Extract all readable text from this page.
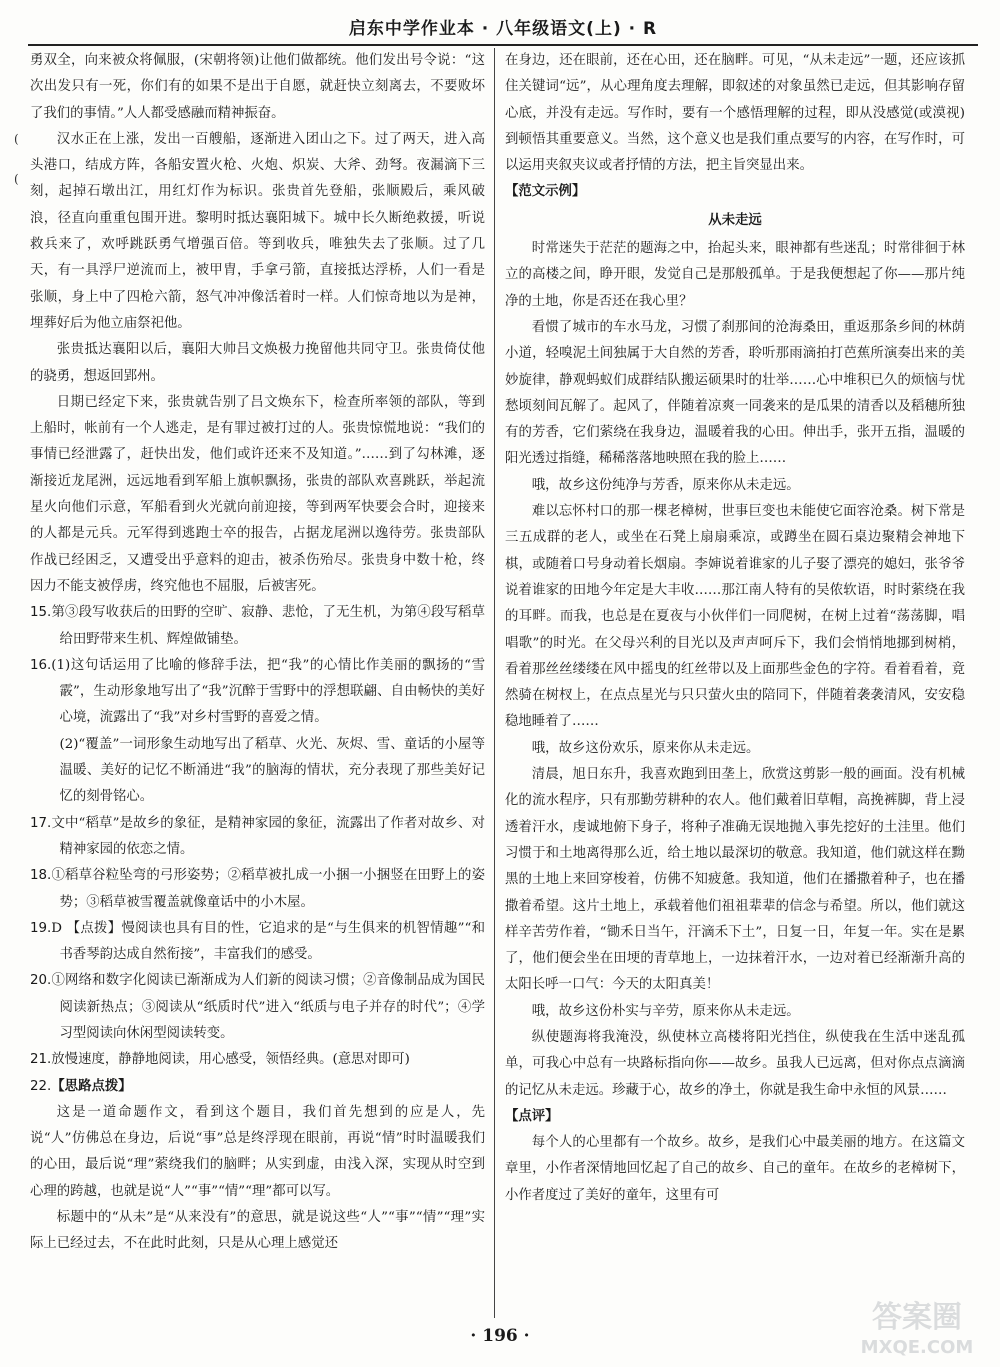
启东中学作业本 · 八年级语文(上) · R
(
(

勇双全，向来被众将佩服，(宋朝将领)让他们做都统。他们发出号令说：“这次出发只有一死，你们有的如果不是出于自愿，就赶快立刻离去，不要败坏了我们的事情。”人人都受感融而精神振奋。

汉水正在上涨，发出一百艘船，逐渐进入团山之下。过了两天，进入高头港口，结成方阵，各船安置火枪、火炮、炽炭、大斧、劲弩。夜漏滴下三刻，起掉石墩出江，用红灯作为标识。张贵首先登船，张顺殿后，乘风破浪，径直向重重包围开进。黎明时抵达襄阳城下。城中长久断绝救援，听说救兵来了，欢呼跳跃勇气增强百倍。等到收兵，唯独失去了张顺。过了几天，有一具浮尸逆流而上，被甲胄，手拿弓箭，直接抵达浮桥，人们一看是张顺，身上中了四枪六箭，怒气冲冲像活着时一样。人们惊奇地以为是神，埋葬好后为他立庙祭祀他。

张贵抵达襄阳以后，襄阳大帅吕文焕极力挽留他共同守卫。张贵倚仗他的骁勇，想返回郢州。

日期已经定下来，张贵就告别了吕文焕东下，检查所率领的部队，等到上船时，帐前有一个人逃走，是有罪过被打过的人。张贵惊慌地说：“我们的事情已经泄露了，赶快出发，他们或许还来不及知道。”……到了勾林滩，逐渐接近龙尾洲，远远地看到军船上旗帜飘扬，张贵的部队欢喜跳跃，举起流星火向他们示意，军船看到火光就向前迎接，等到两军快要会合时，迎接来的人都是元兵。元军得到逃跑士卒的报告，占据龙尾洲以逸待劳。张贵部队作战已经困乏，又遭受出乎意料的迎击，被杀伤殆尽。张贵身中数十枪，终因力不能支被俘虏，终究他也不屈服，后被害死。

15.第③段写收获后的田野的空旷、寂静、悲怆，了无生机，为第④段写稻草给田野带来生机、辉煌做铺垫。

16.(1)这句话运用了比喻的修辞手法，把“我”的心情比作美丽的飘扬的“雪霰”，生动形象地写出了“我”沉醉于雪野中的浮想联翩、自由畅快的美好心境，流露出了“我”对乡村雪野的喜爱之情。

(2)“覆盖”一词形象生动地写出了稻草、火光、灰烬、雪、童话的小屋等温暖、美好的记忆不断涌进“我”的脑海的情状，充分表现了那些美好记忆的刻骨铭心。

17.文中“稻草”是故乡的象征，是精神家园的象征，流露出了作者对故乡、对精神家园的依恋之情。

18.①稻草谷粒坠弯的弓形姿势；②稻草被扎成一小捆一小捆竖在田野上的姿势；③稻草被雪覆盖就像童话中的小木屋。

19.D 【点拨】慢阅读也具有目的性，它追求的是“与生俱来的机智情趣”“和书香琴韵达成自然衔接”，丰富我们的感受。

20.①网络和数字化阅读已渐渐成为人们新的阅读习惯；②音像制品成为国民阅读新热点；③阅读从“纸质时代”进入“纸质与电子并存的时代”；④学习型阅读向休闲型阅读转变。

21.放慢速度，静静地阅读，用心感受，领悟经典。(意思对即可)

22.【思路点拨】

这是一道命题作文，看到这个题目，我们首先想到的应是人，先说“人”仿佛总在身边，后说“事”总是终浮现在眼前，再说“情”时时温暖我们的心田，最后说“理”萦绕我们的脑畔；从实到虚，由浅入深，实现从时空到心理的跨越，也就是说“人”“事”“情”“理”都可以写。

标题中的“从未”是“从来没有”的意思，就是说这些“人”“事”“情”“理”实际上已经过去，不在此时此刻，只是从心理上感觉还

在身边，还在眼前，还在心田，还在脑畔。可见，“从未走远”一题，还应该抓住关键词“远”，从心理角度去理解，即叙述的对象虽然已走远，但其影响存留心底，并没有走远。写作时，要有一个感悟理解的过程，即从没感觉(或漠视)到顿悟其重要意义。当然，这个意义也是我们重点要写的内容，在写作时，可以运用夹叙夹议或者抒情的方法，把主旨突显出来。

【范文示例】

从未走远

时常迷失于茫茫的题海之中，抬起头来，眼神都有些迷乱；时常徘徊于林立的高楼之间，睁开眼，发觉自己是那般孤单。于是我便想起了你——那片纯净的土地，你是否还在我心里？

看惯了城市的车水马龙，习惯了刹那间的沧海桑田，重返那条乡间的林荫小道，轻嗅泥土间独属于大自然的芳香，聆听那雨滴拍打芭蕉所演奏出来的美妙旋律，静观蚂蚁们成群结队搬运硕果时的壮举……心中堆积已久的烦恼与忧愁顷刻间瓦解了。起风了，伴随着凉爽一同袭来的是瓜果的清香以及稻穗所独有的芳香，它们萦绕在我身边，温暖着我的心田。伸出手，张开五指，温暖的阳光透过指缝，稀稀落落地映照在我的脸上……

哦，故乡这份纯净与芳香，原来你从未走远。

难以忘怀村口的那一棵老樟树，世事巨变也未能使它面容沧桑。树下常是三五成群的老人，或坐在石凳上扇扇乘凉，或蹲坐在圆石桌边聚精会神地下棋，或随着口号身动着长烟扇。李婶说着谁家的儿子娶了漂亮的媳妇，张爷爷说着谁家的田地今年定是大丰收……那江南人特有的吴侬软语，时时萦绕在我的耳畔。而我，也总是在夏夜与小伙伴们一同爬树，在树上过着“荡荡脚，唱唱歌”的时光。在父母兴利的目光以及声声呵斥下，我们会悄悄地挪到树梢，看着那丝丝缕缕在风中摇曳的红丝带以及上面那些金色的字符。看着看着，竟然骑在树杈上，在点点星光与只只萤火虫的陪同下，伴随着袭袭清风，安安稳稳地睡着了……

哦，故乡这份欢乐，原来你从未走远。

清晨，旭日东升，我喜欢跑到田垄上，欣赏这剪影一般的画面。没有机械化的流水程序，只有那勤劳耕种的农人。他们戴着旧草帽，高挽裤脚，背上浸透着汗水，虔诚地俯下身子，将种子准确无误地抛入事先挖好的土洼里。他们习惯于和土地离得那么近，给土地以最深切的敬意。我知道，他们就这样在黝黑的土地上来回穿梭着，仿佛不知疲惫。我知道，他们在播撒着种子，也在播撒着希望。这片土地上，承载着他们祖祖辈辈的信念与希望。所以，他们就这样辛苦劳作着，“锄禾日当午，汗滴禾下土”，日复一日，年复一年。实在是累了，他们便会坐在田埂的青草地上，一边抹着汗水，一边对着已经渐渐升高的太阳长呼一口气：今天的太阳真美！

哦，故乡这份朴实与辛劳，原来你从未走远。

纵使题海将我淹没，纵使林立高楼将阳光挡住，纵使我在生活中迷乱孤单，可我心中总有一块路标指向你——故乡。虽我人已远离，但对你点点滴滴的记忆从未走远。珍藏于心，故乡的净土，你就是我生命中永恒的风景……

【点评】

每个人的心里都有一个故乡。故乡，是我们心中最美丽的地方。在这篇文章里，小作者深情地回忆起了自己的故乡、自己的童年。在故乡的老樟树下，小作者度过了美好的童年，这里有可

· 196 ·
答案圈
MXQE.COM
